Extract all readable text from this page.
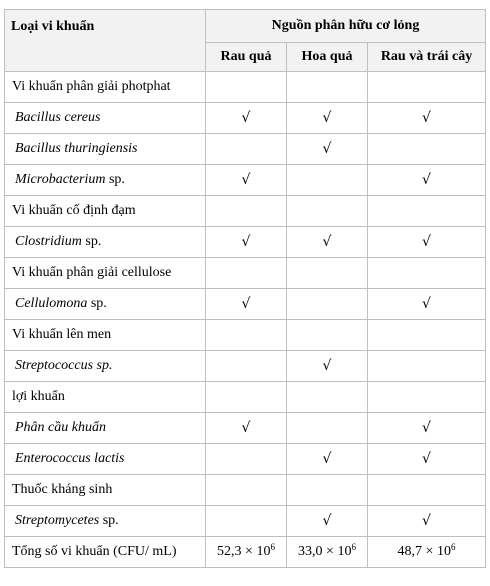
Loại vi khuẩn	Nguồn phân hữu cơ lỏng		
	Rau quả	Hoa quả	Rau và trái cây
Vi khuẩn phân giải photphat			
Bacillus cereus	√	√	√
Bacillus thuringiensis		√	
Microbacterium sp.	√		√
Vi khuẩn cố định đạm			
Clostridium sp.	√	√	√
Vi khuẩn phân giải cellulose			
Cellulomona sp.	√		√
Vi khuẩn lên men			
Streptococcus sp.		√	
lợi khuẩn			
Phân cầu khuẩn	√		√
Enterococcus lactis		√	√
Thuốc kháng sinh			
Streptomycetes sp.		√	√
Tổng số vi khuẩn (CFU/ mL)	$52,3 \times 10^6$	$33,0 \times 10^6$	$48,7 \times 10^6$
